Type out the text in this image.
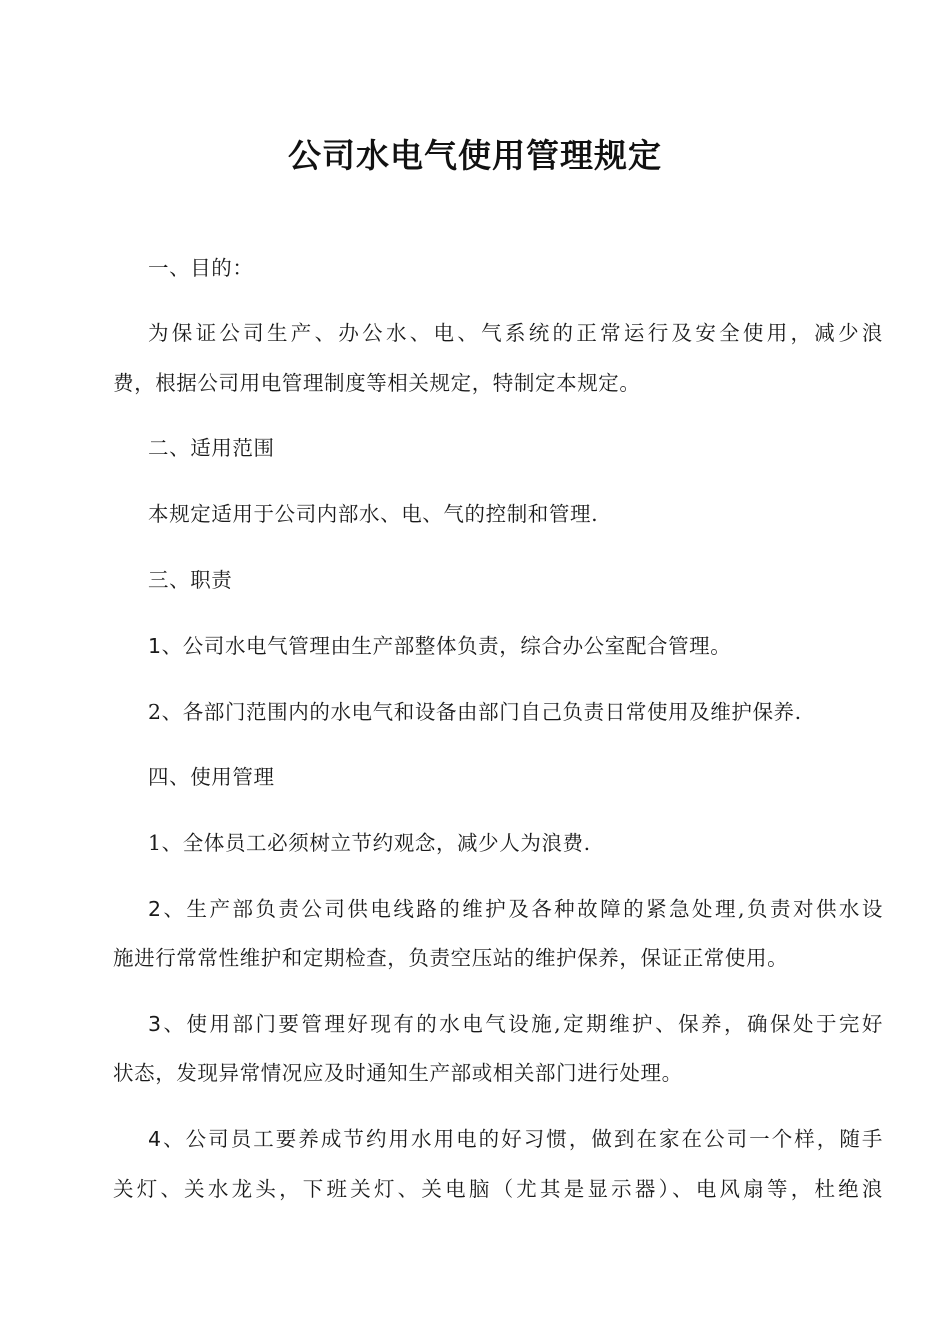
公司水电气使用管理规定
一、目的：
为保证公司生产、办公水、电、气系统的正常运行及安全使用，减少浪
费，根据公司用电管理制度等相关规定，特制定本规定。
二、适用范围
本规定适用于公司内部水、电、气的控制和管理.
三、职责
1、公司水电气管理由生产部整体负责，综合办公室配合管理。
2、各部门范围内的水电气和设备由部门自己负责日常使用及维护保养.
四、使用管理
1、全体员工必须树立节约观念，减少人为浪费.
2、生产部负责公司供电线路的维护及各种故障的紧急处理,负责对供水设
施进行常常性维护和定期检查，负责空压站的维护保养，保证正常使用。
3、使用部门要管理好现有的水电气设施,定期维护、保养，确保处于完好
状态，发现异常情况应及时通知生产部或相关部门进行处理。
4、公司员工要养成节约用水用电的好习惯，做到在家在公司一个样，随手
关灯、关水龙头，下班关灯、关电脑（尤其是显示器）、电风扇等，杜绝浪
